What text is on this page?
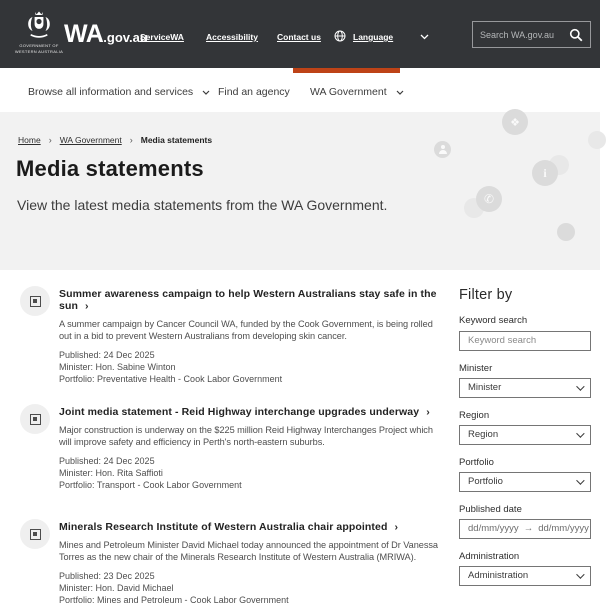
GOVERNMENT OF
WESTERN AUSTRALIA
WA.gov.au
ServiceWA	Accessibility Contact us	Language
Search WA.gov.au
Browse all information and services Find an agency WA Government
❖
i
✆
Home › WA Government › Media statements
Media statements

View the latest media statements from the WA Government.

Summer awareness campaign to help Western Australians stay safe in the sun ›
A summer campaign by Cancer Council WA, funded by the Cook Government, is being rolled out in a bid to prevent Western Australians from developing skin cancer.
Published: 24 Dec 2025
Minister: Hon. Sabine Winton
Portfolio: Preventative Health - Cook Labor Government
Joint media statement - Reid Highway interchange upgrades underway ›
Major construction is underway on the $225 million Reid Highway Interchanges Project which will improve safety and efficiency in Perth's north-eastern suburbs.
Published: 24 Dec 2025
Minister: Hon. Rita Saffioti
Portfolio: Transport - Cook Labor Government
Minerals Research Institute of Western Australia chair appointed ›
Mines and Petroleum Minister David Michael today announced the appointment of Dr Vanessa Torres as the new chair of the Minerals Research Institute of Western Australia (MRIWA).
Published: 23 Dec 2025
Minister: Hon. David Michael
Portfolio: Mines and Petroleum - Cook Labor Government
Filter by
Keyword search
Keyword search
Minister
Minister
Region
Region
Portfolio
Portfolio
Published date
dd/mm/yyyy → dd/mm/yyyy
Administration
Administration
